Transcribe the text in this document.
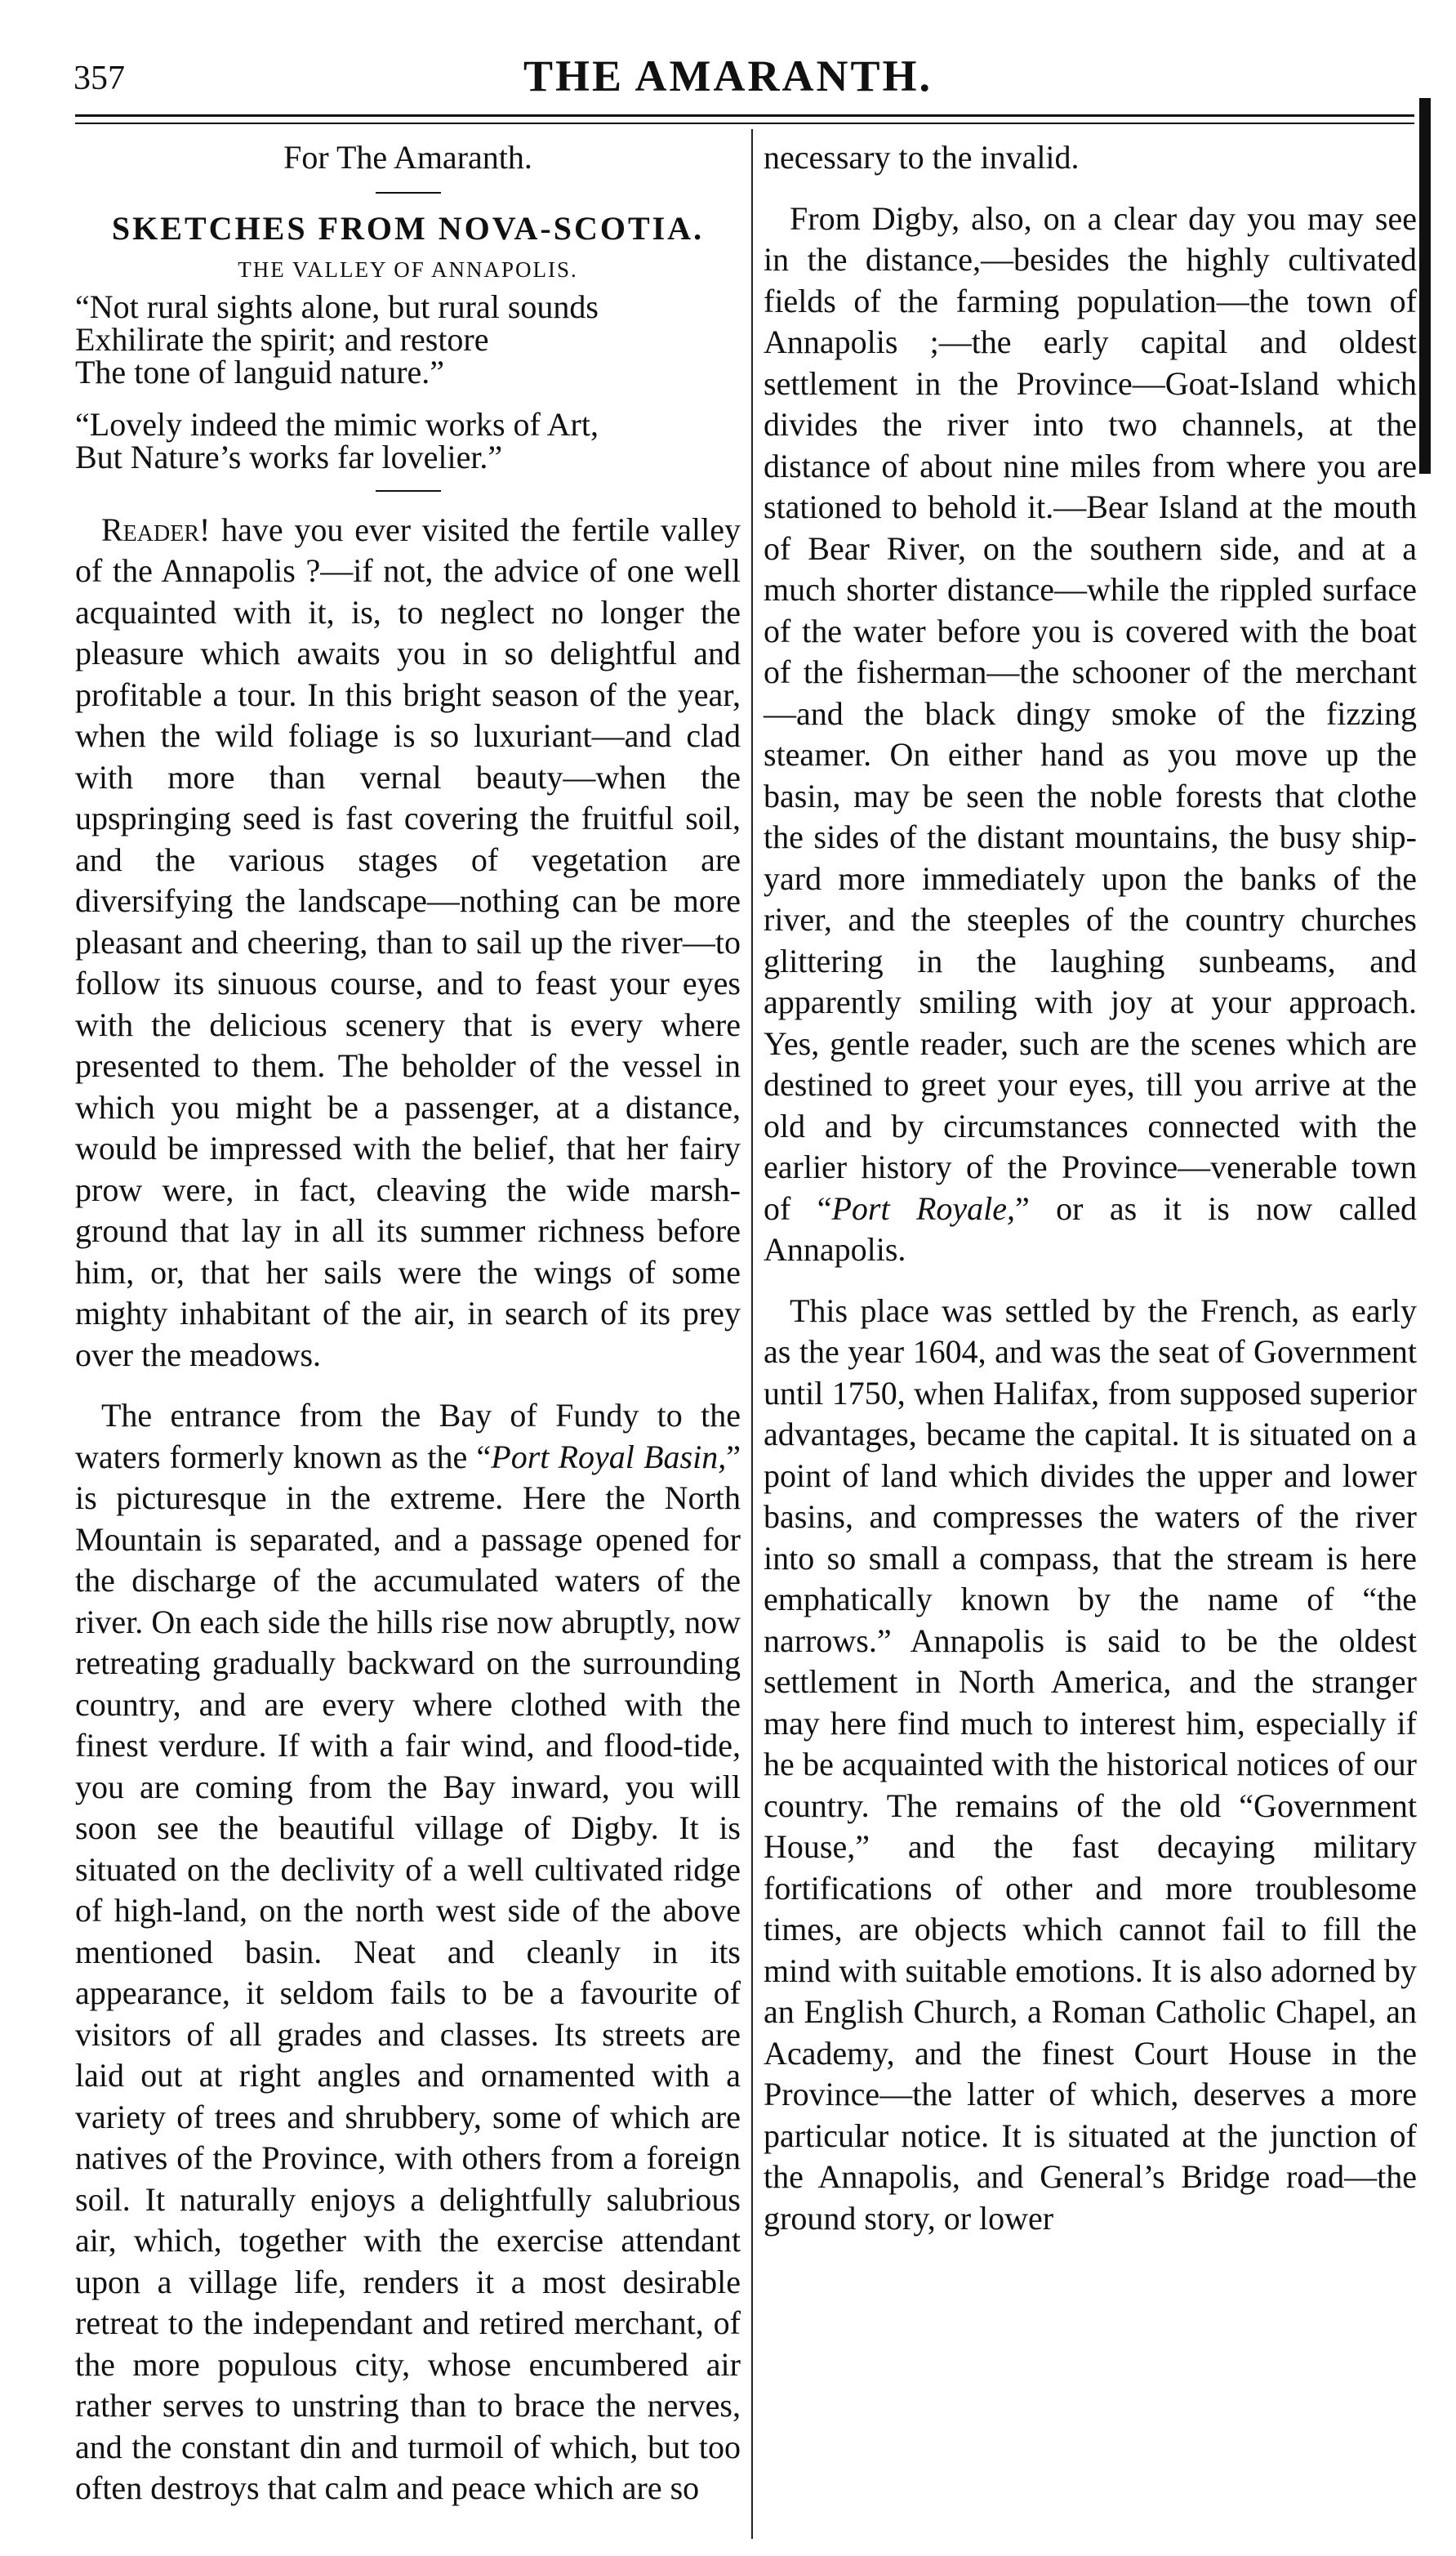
357	THE AMARANTH.

For The Amaranth.

SKETCHES FROM NOVA-SCOTIA.

THE VALLEY OF ANNAPOLIS.

“Not rural sights alone, but rural sounds
Exhilirate the spirit; and restore
The tone of languid nature.”

“Lovely indeed the mimic works of Art,
But Nature’s works far lovelier.”

Reader! have you ever visited the fertile valley of the Annapolis ?—if not, the advice of one well acquainted with it, is, to neglect no longer the pleasure which awaits you in so delightful and profitable a tour. In this bright season of the year, when the wild foliage is so luxuriant—and clad with more than vernal beauty—when the upspringing seed is fast covering the fruitful soil, and the various stages of vegetation are diversifying the landscape—nothing can be more pleasant and cheering, than to sail up the river—to follow its sinuous course, and to feast your eyes with the delicious scenery that is every where presented to them. The beholder of the vessel in which you might be a passenger, at a distance, would be impressed with the belief, that her fairy prow were, in fact, cleaving the wide marsh-ground that lay in all its summer richness before him, or, that her sails were the wings of some mighty inhabitant of the air, in search of its prey over the meadows.

The entrance from the Bay of Fundy to the waters formerly known as the “Port Royal Basin,” is picturesque in the extreme. Here the North Mountain is separated, and a passage opened for the discharge of the accumulated waters of the river. On each side the hills rise now abruptly, now retreating gradually backward on the surrounding country, and are every where clothed with the finest verdure. If with a fair wind, and flood-tide, you are coming from the Bay inward, you will soon see the beautiful village of Digby. It is situated on the declivity of a well cultivated ridge of high-land, on the north west side of the above mentioned basin. Neat and cleanly in its appearance, it seldom fails to be a favourite of visitors of all grades and classes. Its streets are laid out at right angles and ornamented with a variety of trees and shrubbery, some of which are natives of the Province, with others from a foreign soil. It naturally enjoys a delightfully salubrious air, which, together with the exercise attendant upon a village life, renders it a most desirable retreat to the independant and retired merchant, of the more populous city, whose encumbered air rather serves to unstring than to brace the nerves, and the constant din and turmoil of which, but too often destroys that calm and peace which are so

necessary to the invalid.

From Digby, also, on a clear day you may see in the distance,—besides the highly cultivated fields of the farming population—the town of Annapolis ;—the early capital and oldest settlement in the Province—Goat-Island which divides the river into two channels, at the distance of about nine miles from where you are stationed to behold it.—Bear Island at the mouth of Bear River, on the southern side, and at a much shorter distance—while the rippled surface of the water before you is covered with the boat of the fisherman—the schooner of the merchant—and the black dingy smoke of the fizzing steamer. On either hand as you move up the basin, may be seen the noble forests that clothe the sides of the distant mountains, the busy ship-yard more immediately upon the banks of the river, and the steeples of the country churches glittering in the laughing sunbeams, and apparently smiling with joy at your approach. Yes, gentle reader, such are the scenes which are destined to greet your eyes, till you arrive at the old and by circumstances connected with the earlier history of the Province—venerable town of “Port Royale,” or as it is now called Annapolis.

This place was settled by the French, as early as the year 1604, and was the seat of Government until 1750, when Halifax, from supposed superior advantages, became the capital. It is situated on a point of land which divides the upper and lower basins, and compresses the waters of the river into so small a compass, that the stream is here emphatically known by the name of “the narrows.” Annapolis is said to be the oldest settlement in North America, and the stranger may here find much to interest him, especially if he be acquainted with the historical notices of our country. The remains of the old “Government House,” and the fast decaying military fortifications of other and more troublesome times, are objects which cannot fail to fill the mind with suitable emotions. It is also adorned by an English Church, a Roman Catholic Chapel, an Academy, and the finest Court House in the Province—the latter of which, deserves a more particular notice. It is situated at the junction of the Annapolis, and General’s Bridge road—the ground story, or lower
